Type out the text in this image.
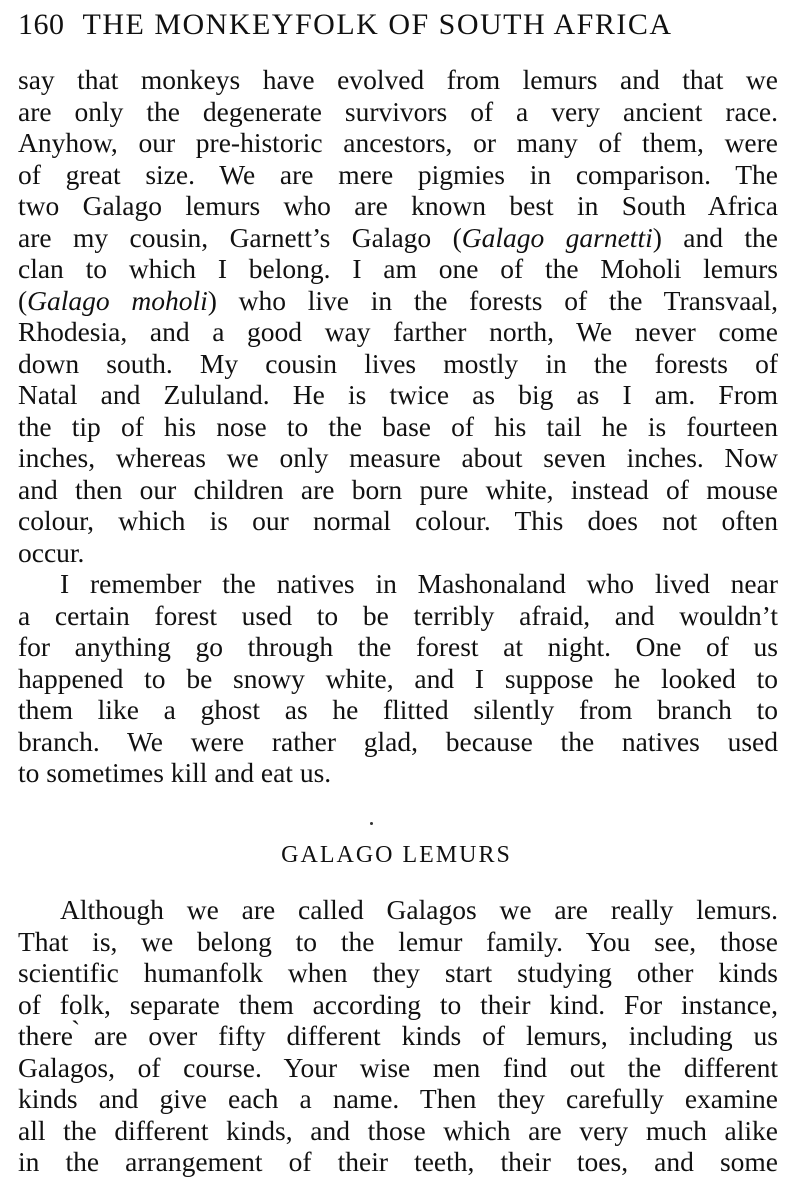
160 THE MONKEYFOLK OF SOUTH AFRICA
say that monkeys have evolved from lemurs and that we
are only the degenerate survivors of a very ancient race.
Anyhow, our pre-historic ancestors, or many of them, were
of great size. We are mere pigmies in comparison. The
two Galago lemurs who are known best in South Africa
are my cousin, Garnett’s Galago (Galago garnetti) and the
clan to which I belong. I am one of the Moholi lemurs
(Galago moholi) who live in the forests of the Transvaal,
Rhodesia, and a good way farther north, We never come
down south. My cousin lives mostly in the forests of
Natal and Zululand. He is twice as big as I am. From
the tip of his nose to the base of his tail he is fourteen
inches, whereas we only measure about seven inches. Now
and then our children are born pure white, instead of mouse
colour, which is our normal colour. This does not often
occur.
I remember the natives in Mashonaland who lived near
a certain forest used to be terribly afraid, and wouldn’t
for anything go through the forest at night. One of us
happened to be snowy white, and I suppose he looked to
them like a ghost as he flitted silently from branch to
branch. We were rather glad, because the natives used
to sometimes kill and eat us.
GALAGO LEMURS
Although we are called Galagos we are really lemurs.
That is, we belong to the lemur family. You see, those
scientific humanfolk when they start studying other kinds
of folk, separate them according to their kind. For instance,
there ̀are over fifty different kinds of lemurs, including us
Galagos, of course. Your wise men find out the different
kinds and give each a name. Then they carefully examine
all the different kinds, and those which are very much alike
in the arrangement of their teeth, their toes, and some
